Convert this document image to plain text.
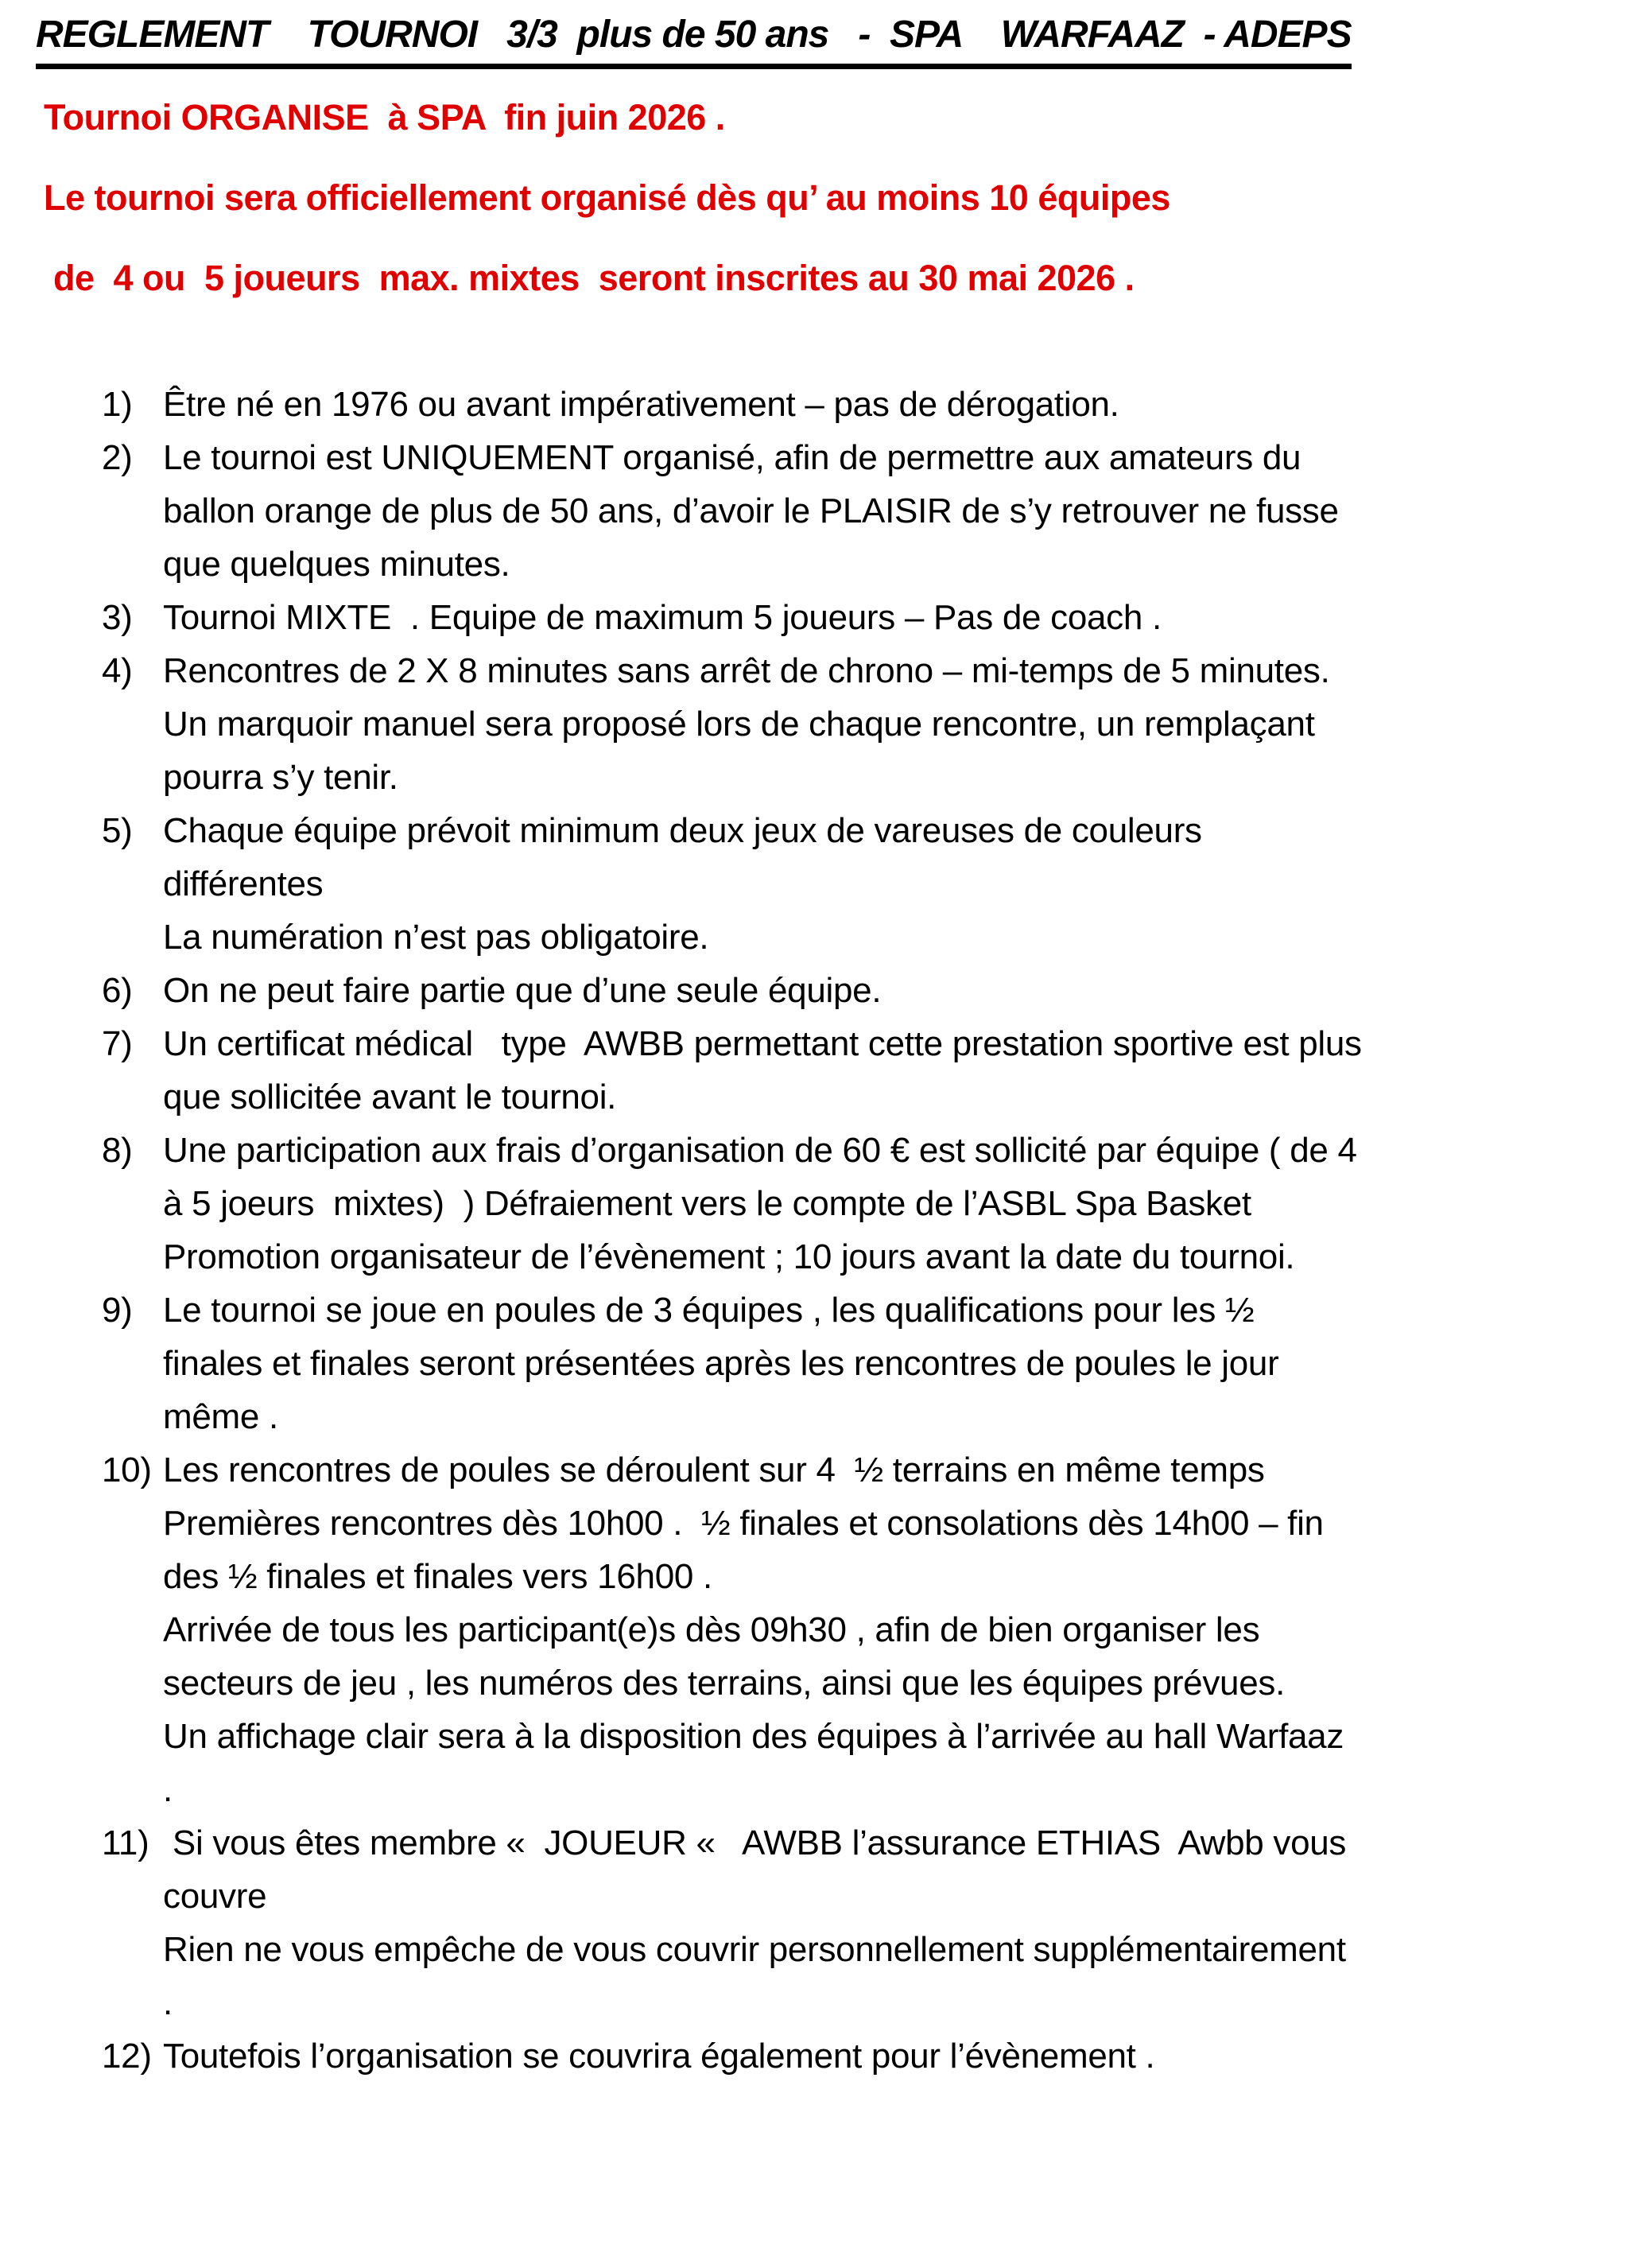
REGLEMENT    TOURNOI   3/3  plus de 50 ans   -  SPA    WARFAAZ  - ADEPS

Tournoi ORGANISE  à SPA  fin juin 2026 .

Le tournoi sera officiellement organisé dès qu’ au moins 10 équipes

de  4 ou  5 joueurs  max. mixtes  seront inscrites au 30 mai 2026 .

1) Être né en 1976 ou avant impérativement – pas de dérogation.
2) Le tournoi est UNIQUEMENT organisé, afin de permettre aux amateurs du
ballon orange de plus de 50 ans, d’avoir le PLAISIR de s’y retrouver ne fusse
que quelques minutes.
3) Tournoi MIXTE  . Equipe de maximum 5 joueurs – Pas de coach .
4) Rencontres de 2 X 8 minutes sans arrêt de chrono – mi-temps de 5 minutes.
Un marquoir manuel sera proposé lors de chaque rencontre, un remplaçant
pourra s’y tenir.
5) Chaque équipe prévoit minimum deux jeux de vareuses de couleurs
différentes
La numération n’est pas obligatoire.
6) On ne peut faire partie que d’une seule équipe.
7) Un certificat médical   type  AWBB permettant cette prestation sportive est plus
que sollicitée avant le tournoi.
8) Une participation aux frais d’organisation de 60 € est sollicité par équipe ( de 4
à 5 joeurs  mixtes)  ) Défraiement vers le compte de l’ASBL Spa Basket
Promotion organisateur de l’évènement ; 10 jours avant la date du tournoi.
9) Le tournoi se joue en poules de 3 équipes , les qualifications pour les ½
finales et finales seront présentées après les rencontres de poules le jour
même .
10) Les rencontres de poules se déroulent sur 4  ½ terrains en même temps
Premières rencontres dès 10h00 .  ½ finales et consolations dès 14h00 – fin
des ½ finales et finales vers 16h00 .
Arrivée de tous les participant(e)s dès 09h30 , afin de bien organiser les
secteurs de jeu , les numéros des terrains, ainsi que les équipes prévues.
Un affichage clair sera à la disposition des équipes à l’arrivée au hall Warfaaz
.
11) Si vous êtes membre «  JOUEUR «   AWBB l’assurance ETHIAS  Awbb vous
couvre
Rien ne vous empêche de vous couvrir personnellement supplémentairement
.
12) Toutefois l’organisation se couvrira également pour l’évènement .
